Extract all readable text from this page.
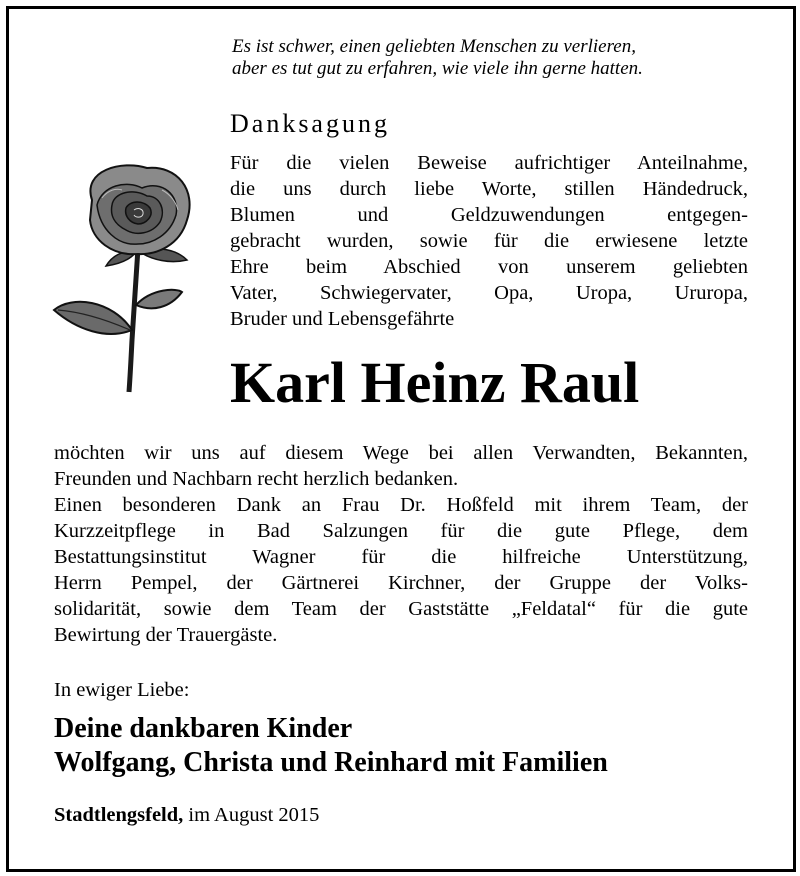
Es ist schwer, einen geliebten Menschen zu verlieren,
aber es tut gut zu erfahren, wie viele ihn gerne hatten.
Danksagung
Für die vielen Beweise aufrichtiger Anteilnahme,
die uns durch liebe Worte, stillen Händedruck,
Blumen und Geldzuwendungen entgegen-
gebracht wurden, sowie für die erwiesene letzte
Ehre beim Abschied von unserem geliebten
Vater, Schwiegervater, Opa, Uropa, Ururopa,
Bruder und Lebensgefährte
Karl Heinz Raul
möchten wir uns auf diesem Wege bei allen Verwandten, Bekannten,
Freunden und Nachbarn recht herzlich bedanken.
Einen besonderen Dank an Frau Dr. Hoßfeld mit ihrem Team, der
Kurzzeitpflege in Bad Salzungen für die gute Pflege, dem
Bestattungsinstitut Wagner für die hilfreiche Unterstützung,
Herrn Pempel, der Gärtnerei Kirchner, der Gruppe der Volks-
solidarität, sowie dem Team der Gaststätte „Feldatal“ für die gute
Bewirtung der Trauergäste.
In ewiger Liebe:
Deine dankbaren Kinder
Wolfgang, Christa und Reinhard mit Familien
Stadtlengsfeld, im August 2015
